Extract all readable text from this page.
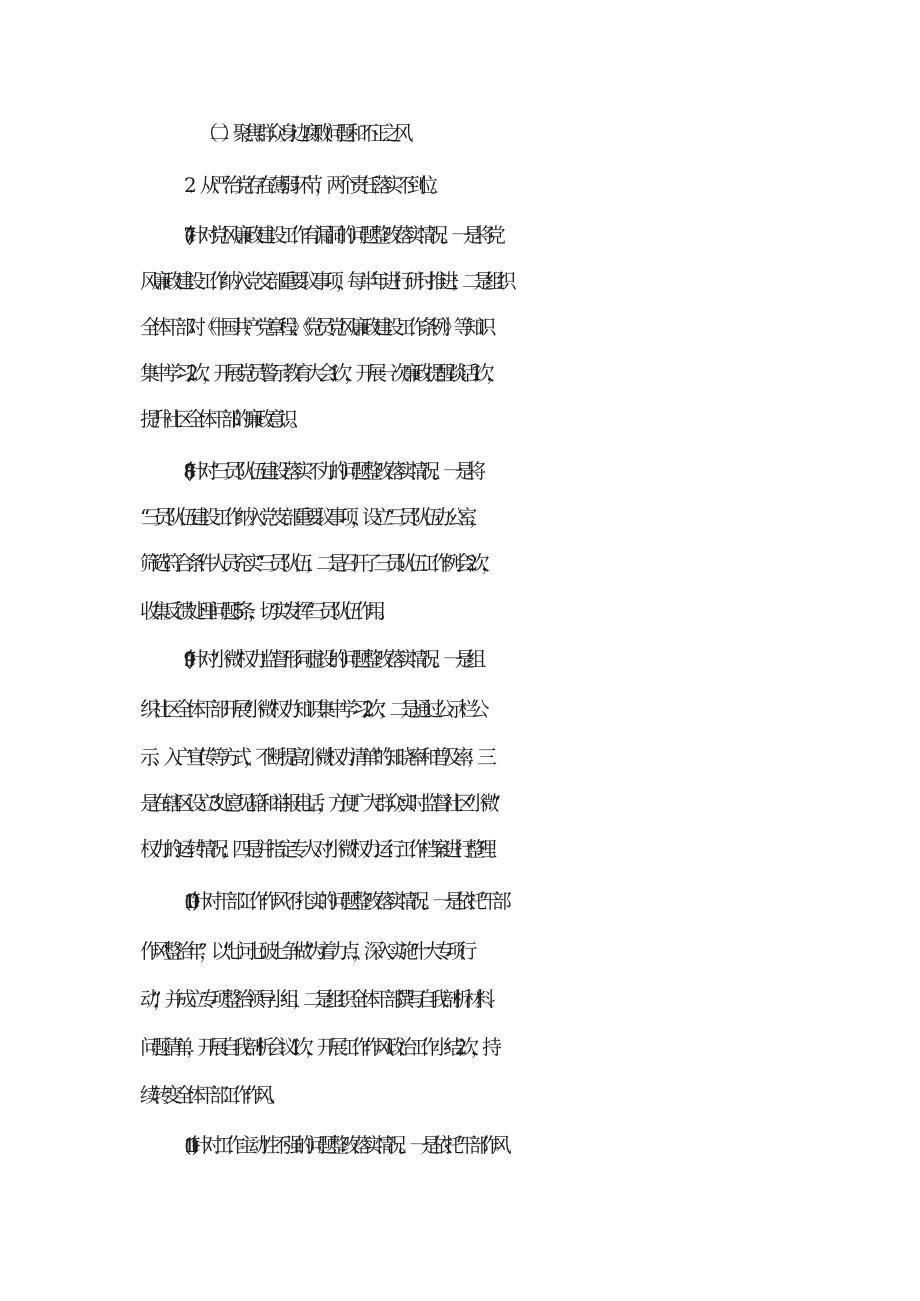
（二）聚焦群众身边腐败问题和不正之风
2．从严治党存在薄弱环节，两个责任落实不到位。
(7)针对党风廉政建设工作有漏洞的问题整改落实情况。一是将党
风廉政建设工作纳入党支部重要议事项，每半年进行研讨推进；二是组织
全体干部对《中国共产党章程》、《党员党风廉政建设工作条例》等知识
集中学习2次，开展党员警示教育大会1次，开展一次廉政提醒谈话1次，
提升社区全体干部的廉政意识。
(8)针对“三员”队伍建设落实不力的问题整改落实情况。一是将
“三员”队伍建设工作纳入党支部重要议事项，设立“三员”队伍办公室，
筛选符合条件人员充实“三员”队伍；二是召开了三员队伍工作例会2次，
收集反馈处理问题5条，切实发挥“三员”队伍作用。
(9)针对“小微”权力监督形同虚设的问题整改落实情况。一是组
织社区全体干部开展“小微”权力知识集中学习2次；二是通过公示栏公
示、入户宣传等方式，不断提高“小微权力清单”的知晓率和普及率；三
是在辖区设立3处意见箱和举报电话，方便广大群众实时监督社区“小微”
权力的运转情况；四是并指定专人对“小微”权力运行工作档案进行整理。
(10)针对干部工作作风不扎实的问题整改落实情况。一是依托“干部
作风整治年”，以“七问七破七争做”为着力点，深入实施“十大专项行
动”，并成立专项整治领导小组；二是组织全体干部撰写自我剖析材料、
问题清单，开展自我剖析会议1次，开展工作作风政治工作小结2次，持
续转变全体干部工作作风。
(11)针对工作主动性不强的问题整改落实情况。一是依托“干部作风
